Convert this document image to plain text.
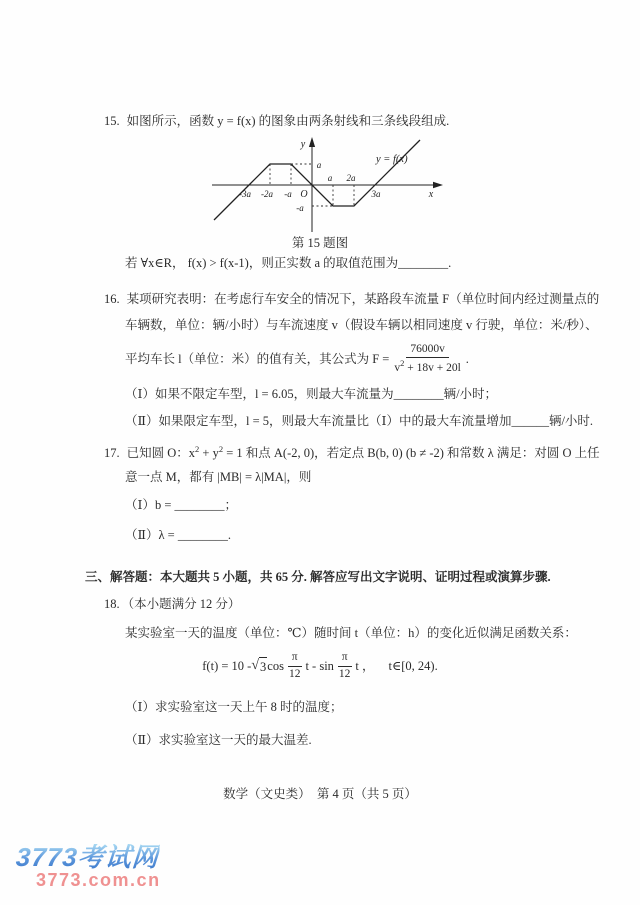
15. 如图所示，函数 y = f(x) 的图象由两条射线和三条线段组成.
y
x
O
a
-a
-3a -2a -a
a 2a
3a
y = f(x)
第 15 题图
若 ∀x∈R， f(x) > f(x-1)，则正实数 a 的取值范围为________.
16. 某项研究表明：在考虑行车安全的情况下，某路段车流量 F（单位时间内经过测量点的
车辆数，单位：辆/小时）与车流速度 v（假设车辆以相同速度 v 行驶，单位：米/秒）、
平均车长 l（单位：米）的值有关，其公式为 $F = \frac{76000v}{v^2 + 18v + 20l}$ .
（Ⅰ）如果不限定车型，l = 6.05，则最大车流量为________辆/小时；
（Ⅱ）如果限定车型，l = 5，则最大车流量比（Ⅰ）中的最大车流量增加______辆/小时.
17. 已知圆 O：$x^2 + y^2 = 1$ 和点 A(-2, 0)，若定点 B(b, 0) (b ≠ -2) 和常数 λ 满足：对圆 O 上任
意一点 M，都有 |MB| = λ|MA|，则
（Ⅰ）b = ________；
（Ⅱ）λ = ________.
三、解答题：本大题共 5 小题，共 65 分. 解答应写出文字说明、证明过程或演算步骤.
18. （本小题满分 12 分）
某实验室一天的温度（单位：℃）随时间 t（单位：h）的变化近似满足函数关系：
f(t) = 10 - √ 3 $\cos \frac{\pi}{12}$ t - $\sin \frac{\pi}{12}$ t ， t∈[0, 24).
（Ⅰ）求实验室这一天上午 8 时的温度；
（Ⅱ）求实验室这一天的最大温差.
数学（文史类）　第 4 页（共 5 页）
3773考试网
3773.com.cn
